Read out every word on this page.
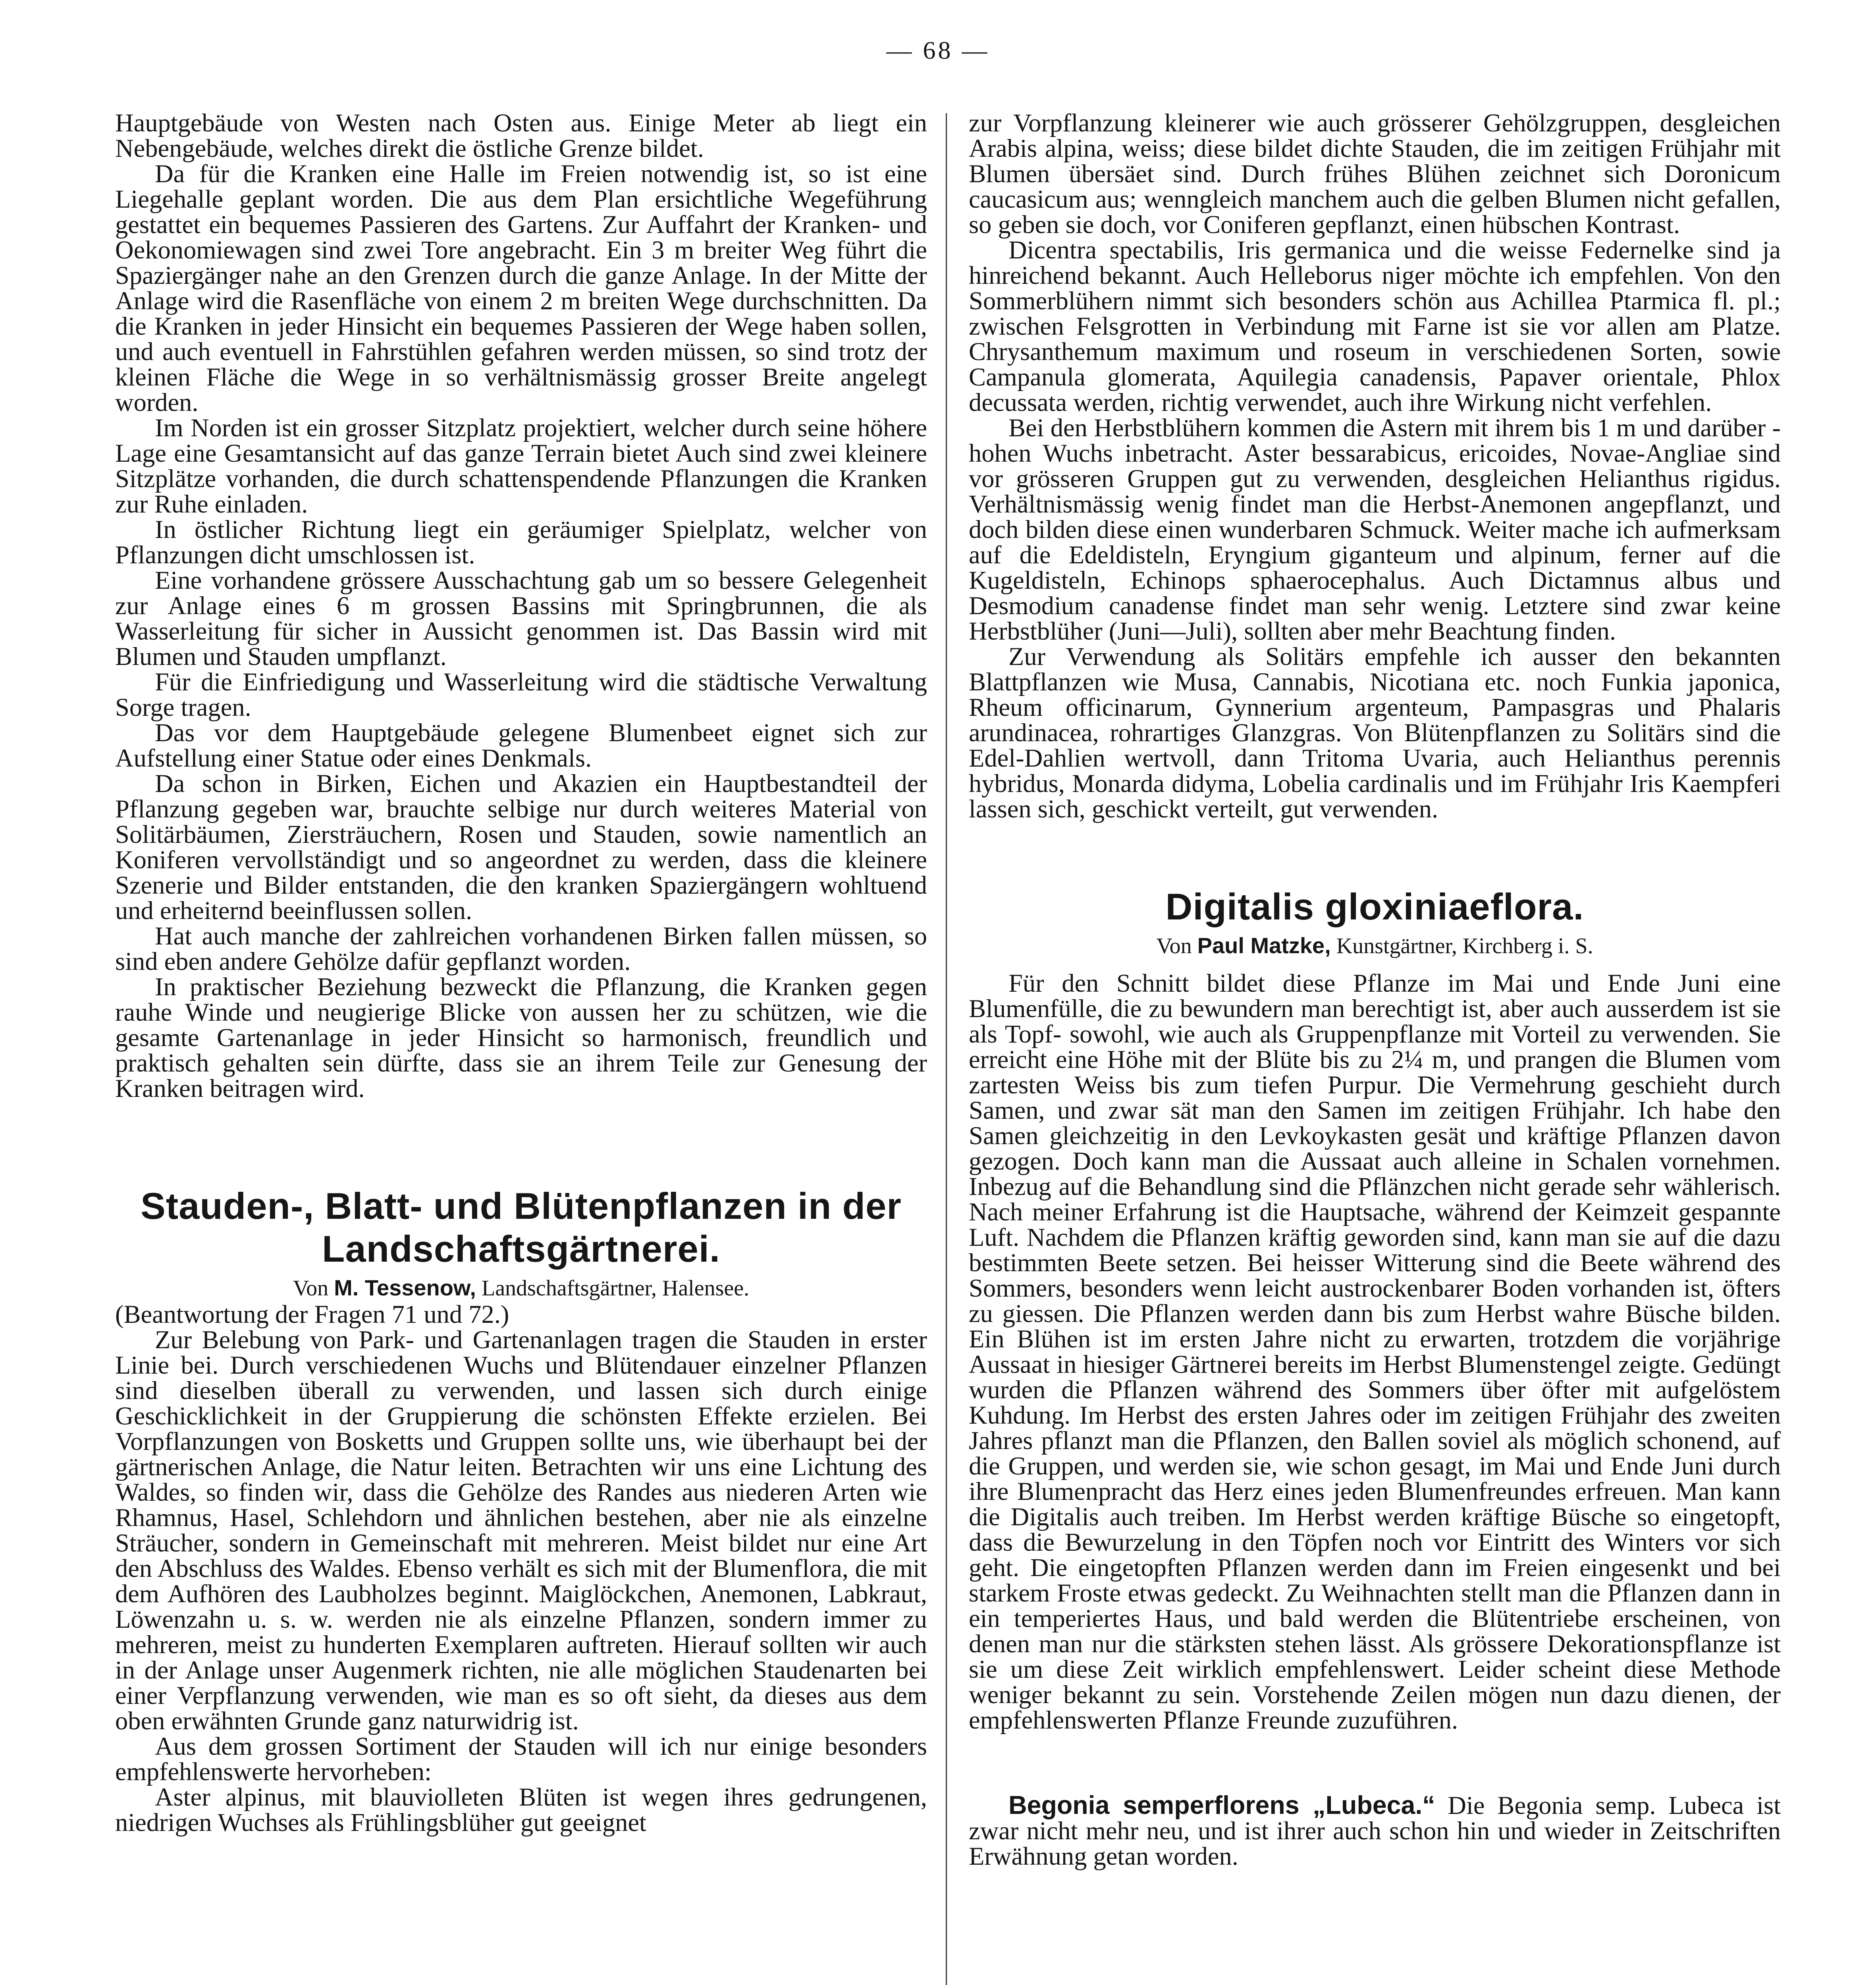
— 68 —

Hauptgebäude von Westen nach Osten aus. Einige Meter ab liegt ein Nebengebäude, welches direkt die östliche Grenze bildet.

Da für die Kranken eine Halle im Freien notwendig ist, so ist eine Liegehalle geplant worden. Die aus dem Plan ersichtliche Wegeführung gestattet ein bequemes Passieren des Gartens. Zur Auffahrt der Kranken- und Oekonomiewagen sind zwei Tore angebracht. Ein 3 m breiter Weg führt die Spaziergänger nahe an den Grenzen durch die ganze Anlage. In der Mitte der Anlage wird die Rasenfläche von einem 2 m breiten Wege durchschnitten. Da die Kranken in jeder Hinsicht ein bequemes Passieren der Wege haben sollen, und auch eventuell in Fahrstühlen gefahren werden müssen, so sind trotz der kleinen Fläche die Wege in so verhältnismässig grosser Breite angelegt worden.

Im Norden ist ein grosser Sitzplatz projektiert, welcher durch seine höhere Lage eine Gesamtansicht auf das ganze Terrain bietet Auch sind zwei kleinere Sitzplätze vorhanden, die durch schattenspendende Pflanzungen die Kranken zur Ruhe einladen.

In östlicher Richtung liegt ein geräumiger Spielplatz, welcher von Pflanzungen dicht umschlossen ist.

Eine vorhandene grössere Ausschachtung gab um so bessere Gelegenheit zur Anlage eines 6 m grossen Bassins mit Springbrunnen, die als Wasserleitung für sicher in Aussicht genommen ist. Das Bassin wird mit Blumen und Stauden umpflanzt.

Für die Einfriedigung und Wasserleitung wird die städtische Verwaltung Sorge tragen.

Das vor dem Hauptgebäude gelegene Blumenbeet eignet sich zur Aufstellung einer Statue oder eines Denkmals.

Da schon in Birken, Eichen und Akazien ein Hauptbestandteil der Pflanzung gegeben war, brauchte selbige nur durch weiteres Material von Solitärbäumen, Ziersträuchern, Rosen und Stauden, sowie namentlich an Koniferen vervollständigt und so angeordnet zu werden, dass die kleinere Szenerie und Bilder entstanden, die den kranken Spaziergängern wohltuend und erheiternd beeinflussen sollen.

Hat auch manche der zahlreichen vorhandenen Birken fallen müssen, so sind eben andere Gehölze dafür gepflanzt worden.

In praktischer Beziehung bezweckt die Pflanzung, die Kranken gegen rauhe Winde und neugierige Blicke von aussen her zu schützen, wie die gesamte Gartenanlage in jeder Hinsicht so harmonisch, freundlich und praktisch gehalten sein dürfte, dass sie an ihrem Teile zur Genesung der Kranken beitragen wird.

Stauden-, Blatt- und Blütenpflanzen in der Landschaftsgärtnerei.
Von M. Tessenow, Landschaftsgärtner, Halensee.

(Beantwortung der Fragen 71 und 72.)

Zur Belebung von Park- und Gartenanlagen tragen die Stauden in erster Linie bei. Durch verschiedenen Wuchs und Blütendauer einzelner Pflanzen sind dieselben überall zu verwenden, und lassen sich durch einige Geschicklichkeit in der Gruppierung die schönsten Effekte erzielen. Bei Vorpflanzungen von Bosketts und Gruppen sollte uns, wie überhaupt bei der gärtnerischen Anlage, die Natur leiten. Betrachten wir uns eine Lichtung des Waldes, so finden wir, dass die Gehölze des Randes aus niederen Arten wie Rhamnus, Hasel, Schlehdorn und ähnlichen bestehen, aber nie als einzelne Sträucher, sondern in Gemeinschaft mit mehreren. Meist bildet nur eine Art den Abschluss des Waldes. Ebenso verhält es sich mit der Blumenflora, die mit dem Aufhören des Laubholzes beginnt. Maiglöckchen, Anemonen, Labkraut, Löwenzahn u. s. w. werden nie als einzelne Pflanzen, sondern immer zu mehreren, meist zu hunderten Exemplaren auftreten. Hierauf sollten wir auch in der Anlage unser Augenmerk richten, nie alle möglichen Staudenarten bei einer Verpflanzung verwenden, wie man es so oft sieht, da dieses aus dem oben erwähnten Grunde ganz naturwidrig ist.

Aus dem grossen Sortiment der Stauden will ich nur einige besonders empfehlenswerte hervorheben:

Aster alpinus, mit blauviolleten Blüten ist wegen ihres gedrungenen, niedrigen Wuchses als Frühlingsblüher gut geeignet

zur Vorpflanzung kleinerer wie auch grösserer Gehölzgruppen, desgleichen Arabis alpina, weiss; diese bildet dichte Stauden, die im zeitigen Frühjahr mit Blumen übersäet sind. Durch frühes Blühen zeichnet sich Doronicum caucasicum aus; wenngleich manchem auch die gelben Blumen nicht gefallen, so geben sie doch, vor Coniferen gepflanzt, einen hübschen Kontrast.

Dicentra spectabilis, Iris germanica und die weisse Federnelke sind ja hinreichend bekannt. Auch Helleborus niger möchte ich empfehlen. Von den Sommerblühern nimmt sich besonders schön aus Achillea Ptarmica fl. pl.; zwischen Felsgrotten in Verbindung mit Farne ist sie vor allen am Platze. Chrysanthemum maximum und roseum in verschiedenen Sorten, sowie Campanula glomerata, Aquilegia canadensis, Papaver orientale, Phlox decussata werden, richtig verwendet, auch ihre Wirkung nicht verfehlen.

Bei den Herbstblühern kommen die Astern mit ihrem bis 1 m und darüber -hohen Wuchs inbetracht. Aster bessarabicus, ericoides, Novae-Angliae sind vor grösseren Gruppen gut zu verwenden, desgleichen Helianthus rigidus. Verhältnismässig wenig findet man die Herbst-Anemonen angepflanzt, und doch bilden diese einen wunderbaren Schmuck. Weiter mache ich aufmerksam auf die Edeldisteln, Eryngium giganteum und alpinum, ferner auf die Kugeldisteln, Echinops sphaerocephalus. Auch Dictamnus albus und Desmodium canadense findet man sehr wenig. Letztere sind zwar keine Herbstblüher (Juni—Juli), sollten aber mehr Beachtung finden.

Zur Verwendung als Solitärs empfehle ich ausser den bekannten Blattpflanzen wie Musa, Cannabis, Nicotiana etc. noch Funkia japonica, Rheum officinarum, Gynnerium argenteum, Pampasgras und Phalaris arundinacea, rohrartiges Glanzgras. Von Blütenpflanzen zu Solitärs sind die Edel-Dahlien wertvoll, dann Tritoma Uvaria, auch Helianthus perennis hybridus, Monarda didyma, Lobelia cardinalis und im Frühjahr Iris Kaempferi lassen sich, geschickt verteilt, gut verwenden.

Digitalis gloxiniaeflora.
Von Paul Matzke, Kunstgärtner, Kirchberg i. S.

Für den Schnitt bildet diese Pflanze im Mai und Ende Juni eine Blumenfülle, die zu bewundern man berechtigt ist, aber auch ausserdem ist sie als Topf- sowohl, wie auch als Gruppenpflanze mit Vorteil zu verwenden. Sie erreicht eine Höhe mit der Blüte bis zu 2¼ m, und prangen die Blumen vom zartesten Weiss bis zum tiefen Purpur. Die Vermehrung geschieht durch Samen, und zwar sät man den Samen im zeitigen Frühjahr. Ich habe den Samen gleichzeitig in den Levkoykasten gesät und kräftige Pflanzen davon gezogen. Doch kann man die Aussaat auch alleine in Schalen vornehmen. Inbezug auf die Behandlung sind die Pflänzchen nicht gerade sehr wählerisch. Nach meiner Erfahrung ist die Hauptsache, während der Keimzeit gespannte Luft. Nachdem die Pflanzen kräftig geworden sind, kann man sie auf die dazu bestimmten Beete setzen. Bei heisser Witterung sind die Beete während des Sommers, besonders wenn leicht austrockenbarer Boden vorhanden ist, öfters zu giessen. Die Pflanzen werden dann bis zum Herbst wahre Büsche bilden. Ein Blühen ist im ersten Jahre nicht zu erwarten, trotzdem die vorjährige Aussaat in hiesiger Gärtnerei bereits im Herbst Blumenstengel zeigte. Gedüngt wurden die Pflanzen während des Sommers über öfter mit aufgelöstem Kuhdung. Im Herbst des ersten Jahres oder im zeitigen Frühjahr des zweiten Jahres pflanzt man die Pflanzen, den Ballen soviel als möglich schonend, auf die Gruppen, und werden sie, wie schon gesagt, im Mai und Ende Juni durch ihre Blumenpracht das Herz eines jeden Blumenfreundes erfreuen. Man kann die Digitalis auch treiben. Im Herbst werden kräftige Büsche so eingetopft, dass die Bewurzelung in den Töpfen noch vor Eintritt des Winters vor sich geht. Die eingetopften Pflanzen werden dann im Freien eingesenkt und bei starkem Froste etwas gedeckt. Zu Weihnachten stellt man die Pflanzen dann in ein temperiertes Haus, und bald werden die Blütentriebe erscheinen, von denen man nur die stärksten stehen lässt. Als grössere Dekorationspflanze ist sie um diese Zeit wirklich empfehlenswert. Leider scheint diese Methode weniger bekannt zu sein. Vorstehende Zeilen mögen nun dazu dienen, der empfehlenswerten Pflanze Freunde zuzuführen.

Begonia semperflorens „Lubeca.“ Die Begonia semp. Lubeca ist zwar nicht mehr neu, und ist ihrer auch schon hin und wieder in Zeitschriften Erwähnung getan worden.
